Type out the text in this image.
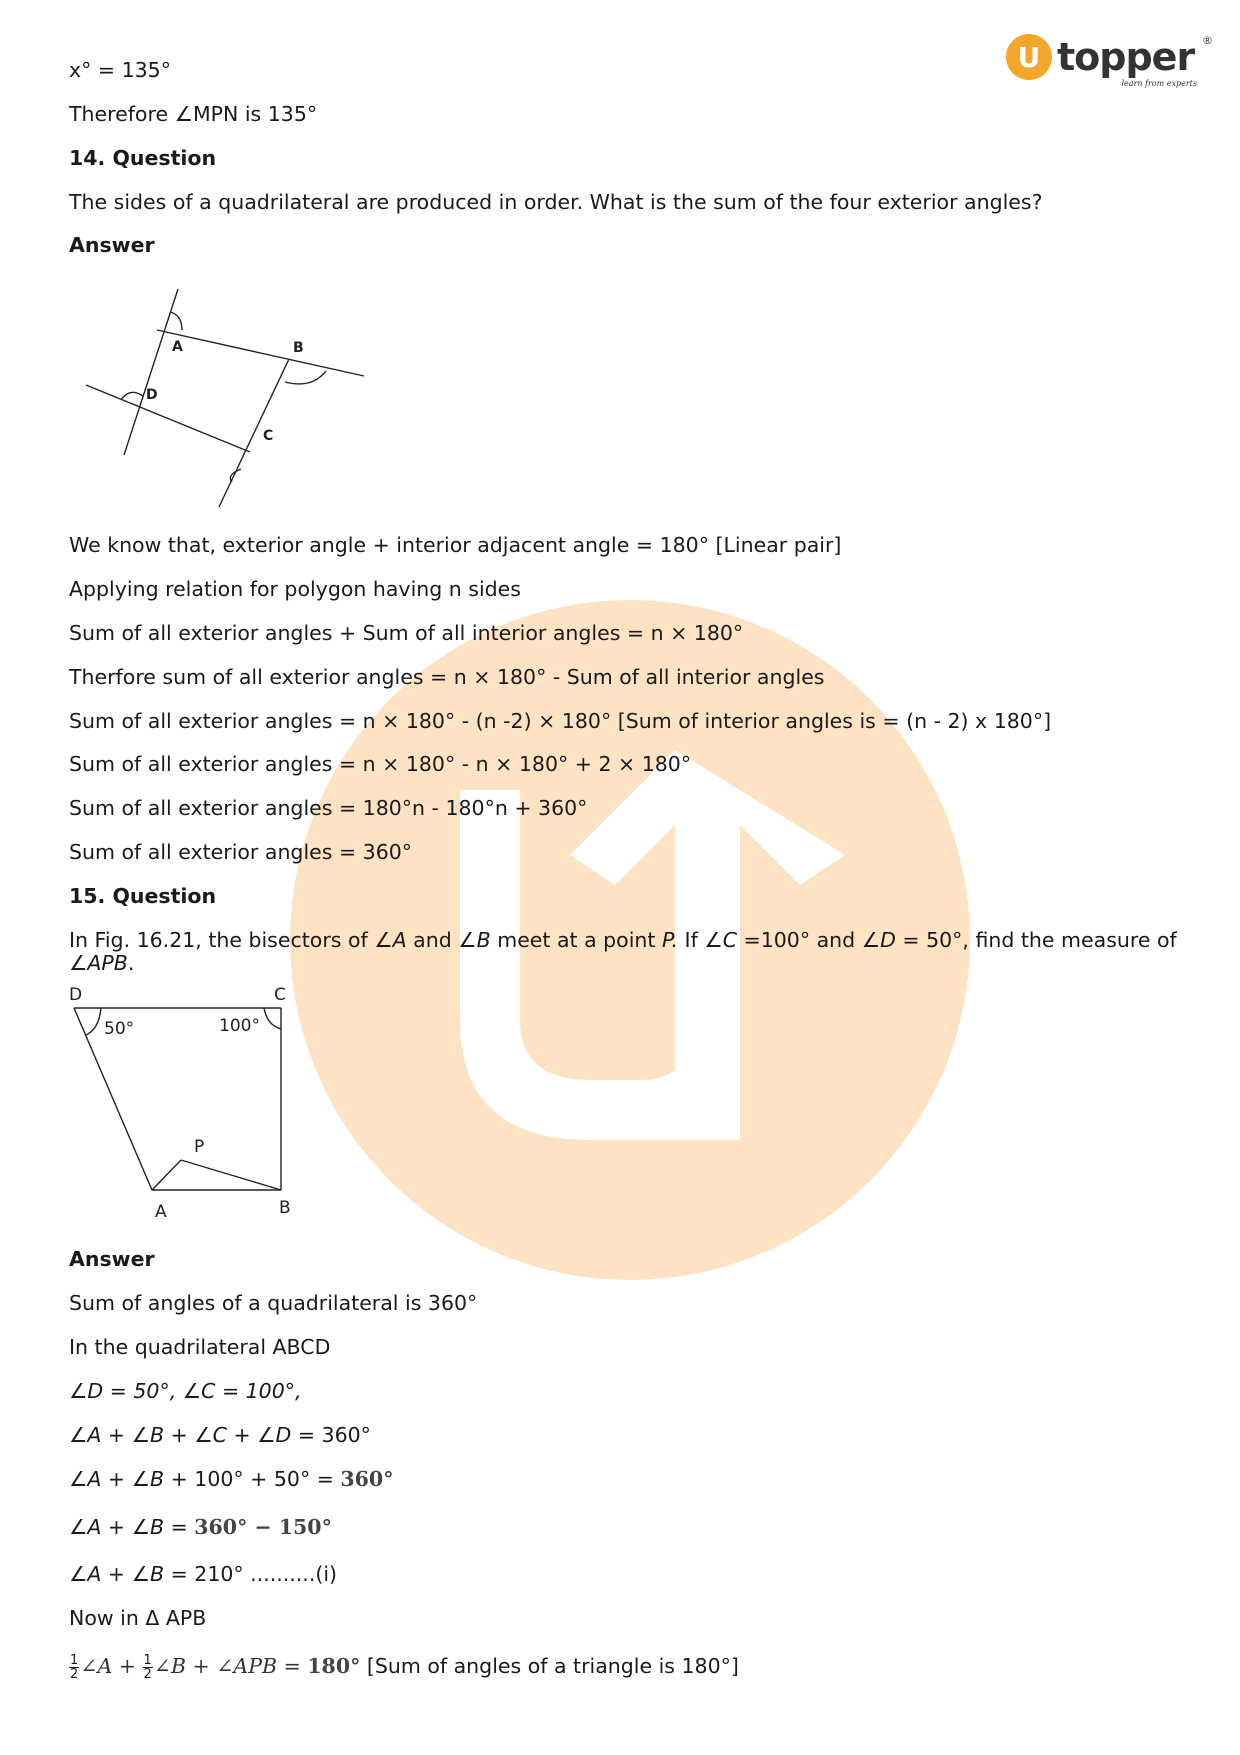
U topper ®
learn from experts
x° = 135°
Therefore ∠MPN is 135°
14. Question
The sides of a quadrilateral are produced in order. What is the sum of the four exterior angles?
Answer
A	B
C
D
We know that, exterior angle + interior adjacent angle = 180° [Linear pair]
Applying relation for polygon having n sides
Sum of all exterior angles + Sum of all interior angles = n × 180°
Therfore sum of all exterior angles = n × 180° - Sum of all interior angles
Sum of all exterior angles = n × 180° - (n -2) × 180° [Sum of interior angles is = (n - 2) x 180°]
Sum of all exterior angles = n × 180° - n × 180° + 2 × 180°
Sum of all exterior angles = 180°n - 180°n + 360°
Sum of all exterior angles = 360°
15. Question
In Fig. 16.21, the bisectors of ∠A and ∠B meet at a point P. If ∠C =100° and ∠D = 50°, find the measure of
∠APB.
D	C
A	B
P
50°	100°
Answer
Sum of angles of a quadrilateral is 360°
In the quadrilateral ABCD
∠D = 50°, ∠C = 100°,
∠A + ∠B + ∠C + ∠D = 360°
∠A + ∠B + 100° + 50° = 360°
∠A + ∠B = 360° − 150°
∠A + ∠B = 210° ..........(i)
Now in Δ APB
$\frac{1}{2}$ ∠A + $\frac{1}{2}$ ∠B + ∠APB = 180° [Sum of angles of a triangle is 180°]
